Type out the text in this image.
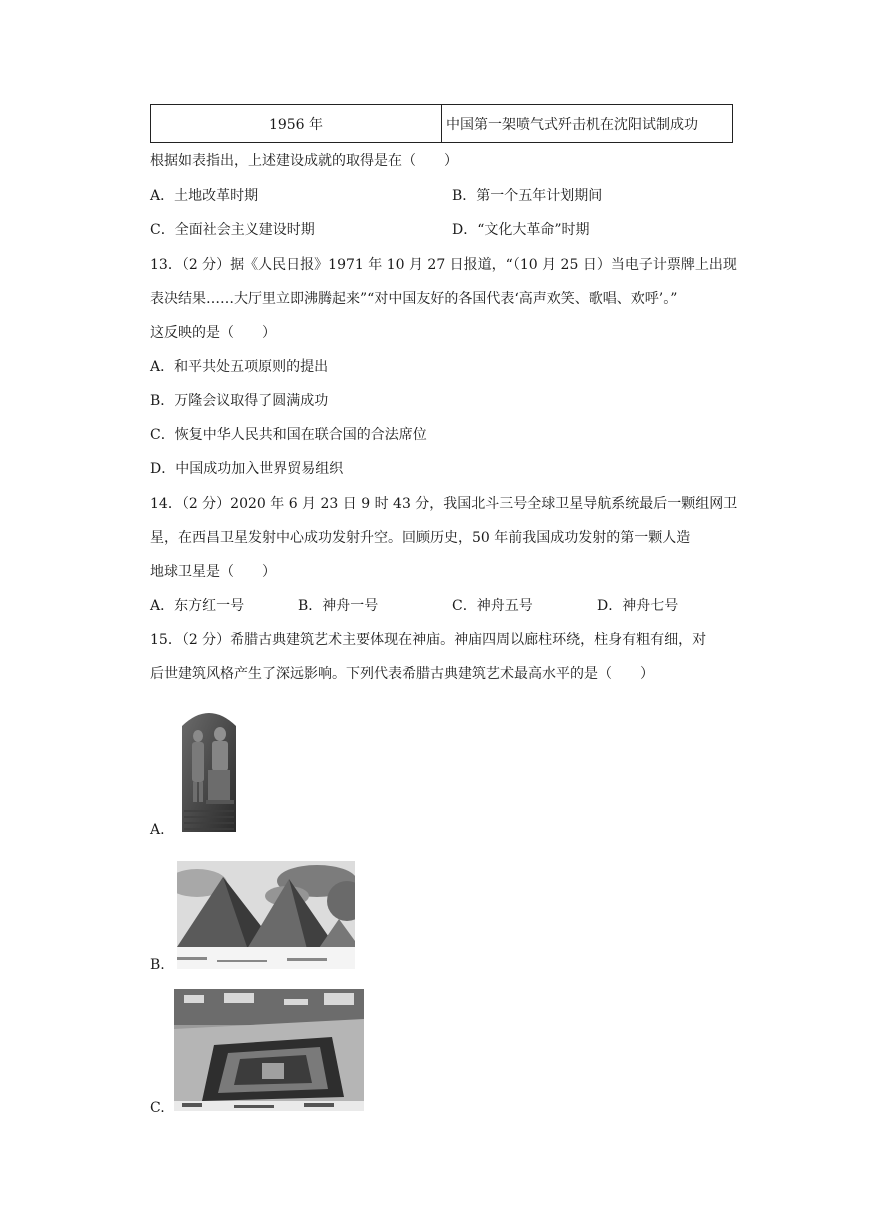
1956 年	中国第一架喷气式歼击机在沈阳试制成功
根据如表指出，上述建设成就的取得是在（　　）
A．土地改革时期	B．第一个五年计划期间
C．全面社会主义建设时期	D．“文化大革命”时期
13．（2 分）据《人民日报》1971 年 10 月 27 日报道，“（10 月 25 日）当电子计票牌上出现
表决结果……大厅里立即沸腾起来”“对中国友好的各国代表‘高声欢笑、歌唱、欢呼’。”
这反映的是（　　）
A．和平共处五项原则的提出
B．万隆会议取得了圆满成功
C．恢复中华人民共和国在联合国的合法席位
D．中国成功加入世界贸易组织
14．（2 分）2020 年 6 月 23 日 9 时 43 分，我国北斗三号全球卫星导航系统最后一颗组网卫
星，在西昌卫星发射中心成功发射升空。回顾历史，50 年前我国成功发射的第一颗人造
地球卫星是（　　）
A．东方红一号	B．神舟一号	C．神舟五号	D．神舟七号
15．（2 分）希腊古典建筑艺术主要体现在神庙。神庙四周以廊柱环绕，柱身有粗有细，对
后世建筑风格产生了深远影响。下列代表希腊古典建筑艺术最高水平的是（　　）
A.
B.
C.
